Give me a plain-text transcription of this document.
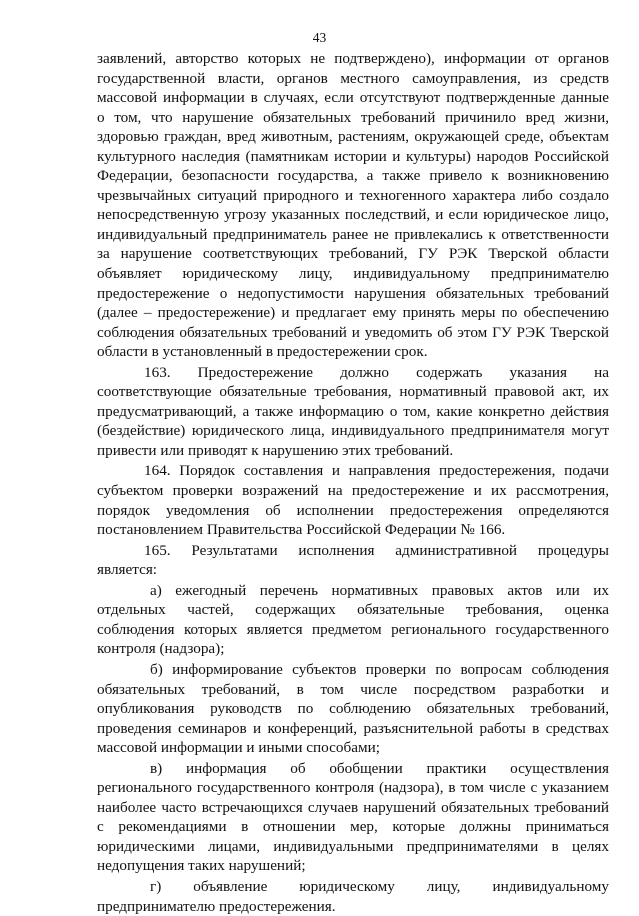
43
заявлений, авторство которых не подтверждено), информации от органов
государственной власти, органов местного самоуправления, из средств
массовой информации в случаях, если отсутствуют подтвержденные данные
о том, что нарушение обязательных требований причинило вред жизни,
здоровью граждан, вред животным, растениям, окружающей среде, объектам
культурного наследия (памятникам истории и культуры) народов Российской
Федерации, безопасности государства, а также привело к возникновению
чрезвычайных ситуаций природного и техногенного характера либо создало
непосредственную угрозу указанных последствий, и если юридическое лицо,
индивидуальный предприниматель ранее не привлекались к ответственности
за нарушение соответствующих требований, ГУ РЭК Тверской области
объявляет юридическому лицу, индивидуальному предпринимателю
предостережение о недопустимости нарушения обязательных требований
(далее – предостережение) и предлагает ему принять меры по обеспечению
соблюдения обязательных требований и уведомить об этом ГУ РЭК Тверской
области в установленный в предостережении срок.
163. Предостережение должно содержать указания на
соответствующие обязательные требования, нормативный правовой акт, их
предусматривающий, а также информацию о том, какие конкретно действия
(бездействие) юридического лица, индивидуального предпринимателя могут
привести или приводят к нарушению этих требований.
164. Порядок составления и направления предостережения, подачи
субъектом проверки возражений на предостережение и их рассмотрения,
порядок уведомления об исполнении предостережения определяются
постановлением Правительства Российской Федерации № 166.
165. Результатами исполнения административной процедуры
является:
а) ежегодный перечень нормативных правовых актов или их
отдельных частей, содержащих обязательные требования, оценка
соблюдения которых является предметом регионального государственного
контроля (надзора);
б) информирование субъектов проверки по вопросам соблюдения
обязательных требований, в том числе посредством разработки и
опубликования руководств по соблюдению обязательных требований,
проведения семинаров и конференций, разъяснительной работы в средствах
массовой информации и иными способами;
в) информация об обобщении практики осуществления
регионального государственного контроля (надзора), в том числе с указанием
наиболее часто встречающихся случаев нарушений обязательных требований
с рекомендациями в отношении мер, которые должны приниматься
юридическими лицами, индивидуальными предпринимателями в целях
недопущения таких нарушений;
г) объявление юридическому лицу, индивидуальному
предпринимателю предостережения.
